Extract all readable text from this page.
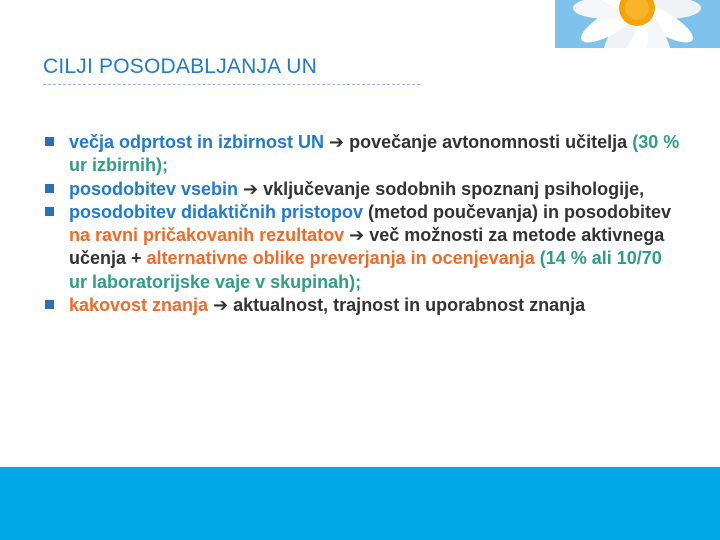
CILJI POSODABLJANJA UN
večja odprtost in izbirnost UN ➔ povečanje avtonomnosti učitelja (30 % ur izbirnih);
posodobitev vsebin ➔ vključevanje sodobnih spoznanj psihologije,
posodobitev didaktičnih pristopov (metod poučevanja) in posodobitev na ravni pričakovanih rezultatov ➔ več možnosti za metode aktivnega učenja + alternativne oblike preverjanja in ocenjevanja (14 % ali 10/70 ur laboratorijske vaje v skupinah);
kakovost znanja ➔ aktualnost, trajnost in uporabnost znanja
